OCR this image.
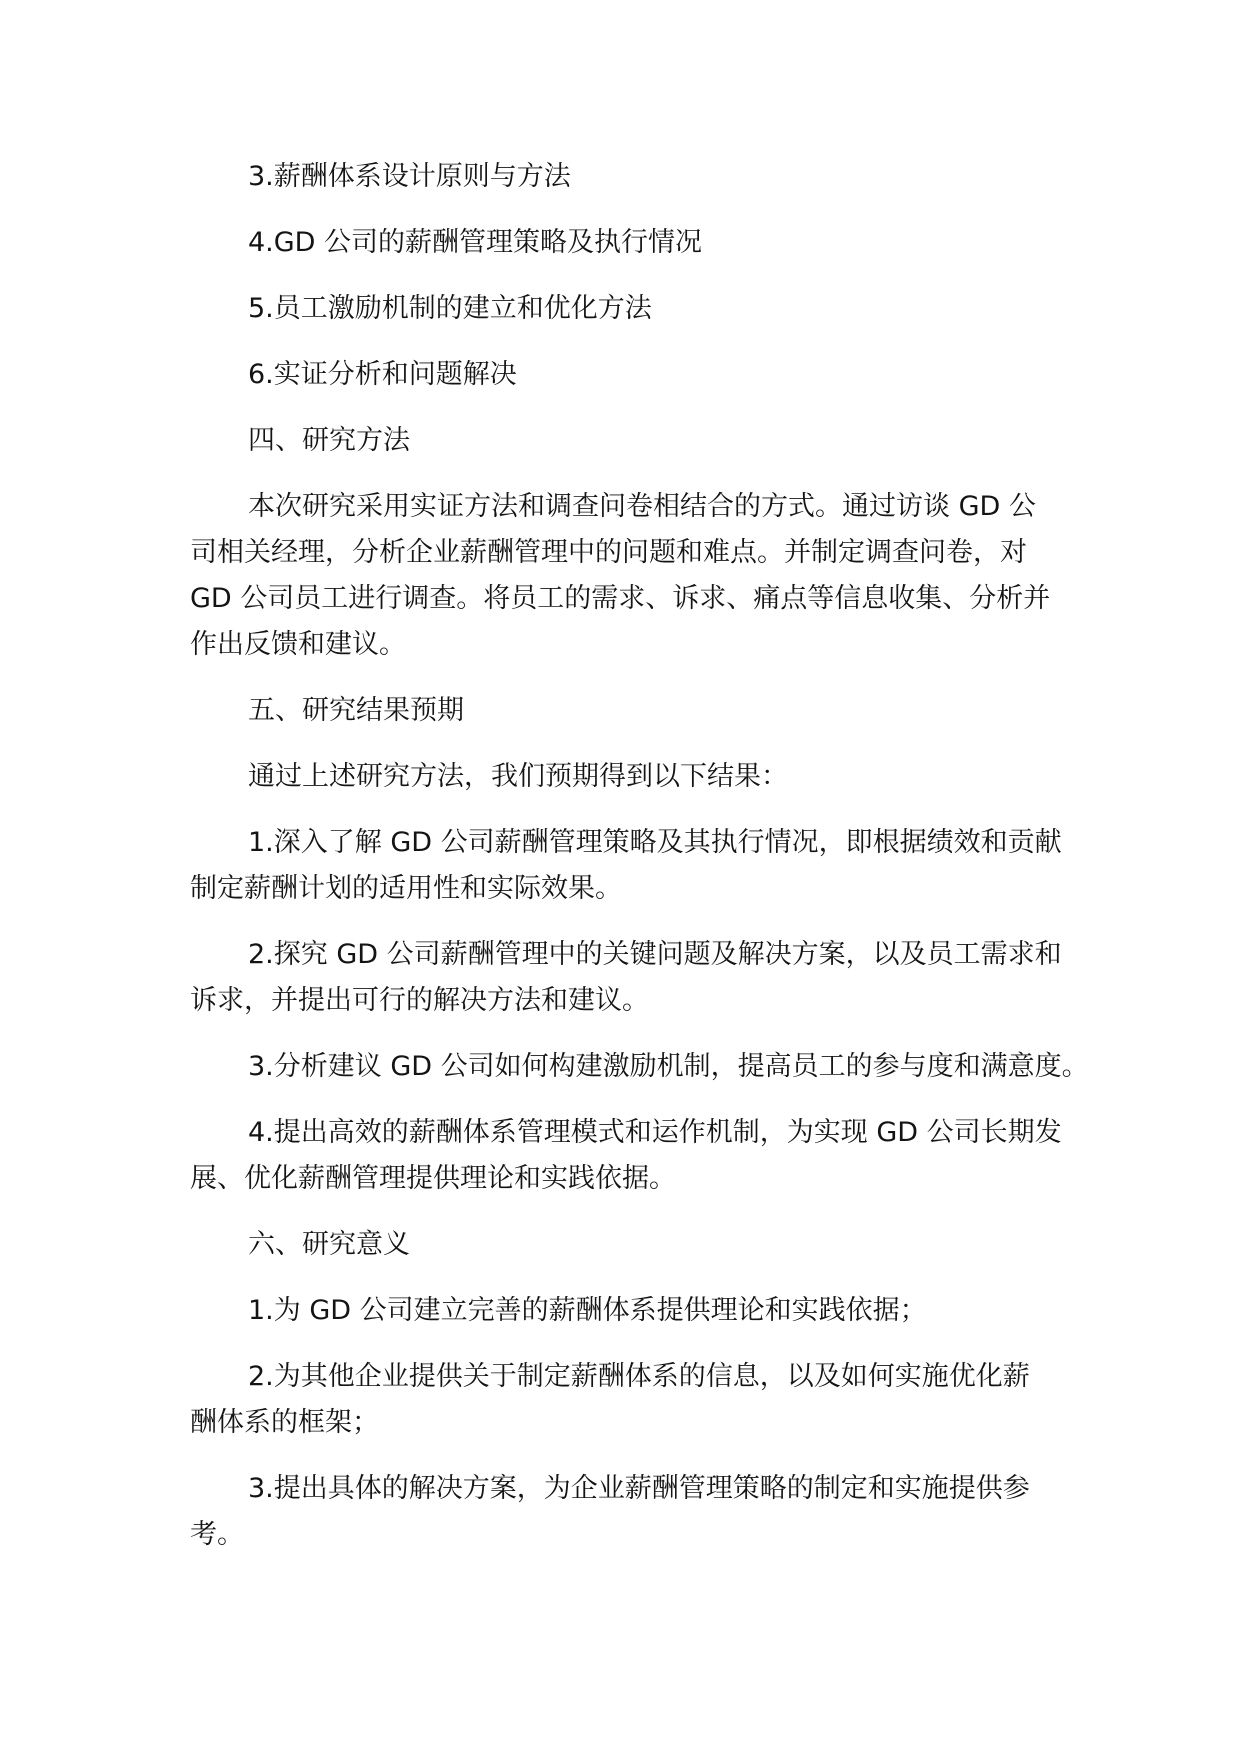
3.薪酬体系设计原则与方法

4.GD 公司的薪酬管理策略及执行情况

5.员工激励机制的建立和优化方法

6.实证分析和问题解决

四、研究方法

本次研究采用实证方法和调查问卷相结合的方式。通过访谈 GD 公
司相关经理，分析企业薪酬管理中的问题和难点。并制定调查问卷，对
GD 公司员工进行调查。将员工的需求、诉求、痛点等信息收集、分析并
作出反馈和建议。

五、研究结果预期

通过上述研究方法，我们预期得到以下结果：

1.深入了解 GD 公司薪酬管理策略及其执行情况，即根据绩效和贡献
制定薪酬计划的适用性和实际效果。

2.探究 GD 公司薪酬管理中的关键问题及解决方案，以及员工需求和
诉求，并提出可行的解决方法和建议。

3.分析建议 GD 公司如何构建激励机制，提高员工的参与度和满意度。

4.提出高效的薪酬体系管理模式和运作机制，为实现 GD 公司长期发
展、优化薪酬管理提供理论和实践依据。

六、研究意义

1.为 GD 公司建立完善的薪酬体系提供理论和实践依据；

2.为其他企业提供关于制定薪酬体系的信息，以及如何实施优化薪
酬体系的框架；

3.提出具体的解决方案，为企业薪酬管理策略的制定和实施提供参
考。
